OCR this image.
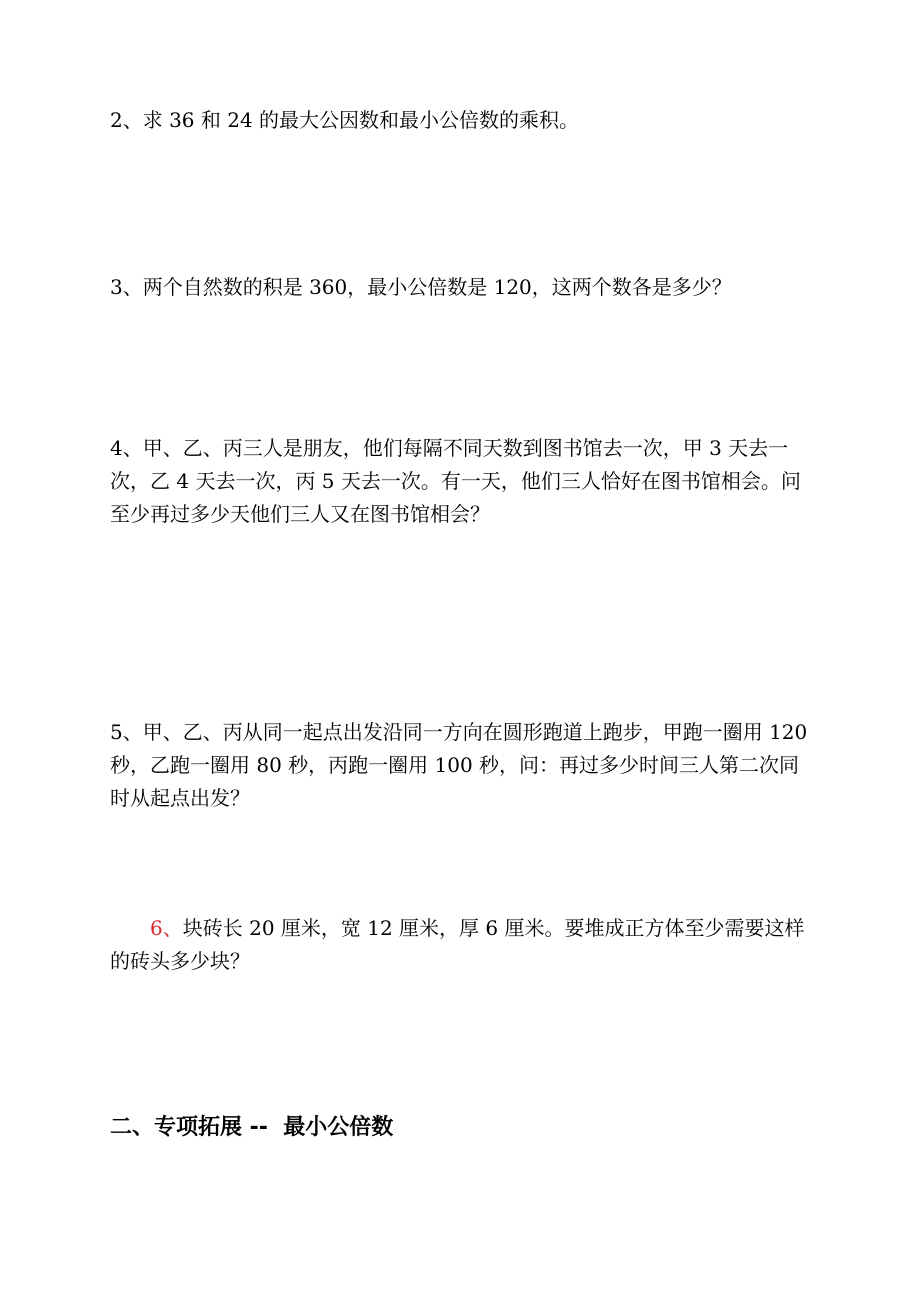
2、求 36 和 24 的最大公因数和最小公倍数的乘积。

3、两个自然数的积是 360，最小公倍数是 120，这两个数各是多少？

4、甲、乙、丙三人是朋友，他们每隔不同天数到图书馆去一次，甲 3 天去一次，乙 4 天去一次，丙 5 天去一次。有一天，他们三人恰好在图书馆相会。问至少再过多少天他们三人又在图书馆相会？

5、甲、乙、丙从同一起点出发沿同一方向在圆形跑道上跑步，甲跑一圈用 120 秒，乙跑一圈用 80 秒，丙跑一圈用 100 秒，问：再过多少时间三人第二次同时从起点出发？

6、块砖长 20 厘米，宽 12 厘米，厚 6 厘米。要堆成正方体至少需要这样的砖头多少块？

二、专项拓展 --  最小公倍数
